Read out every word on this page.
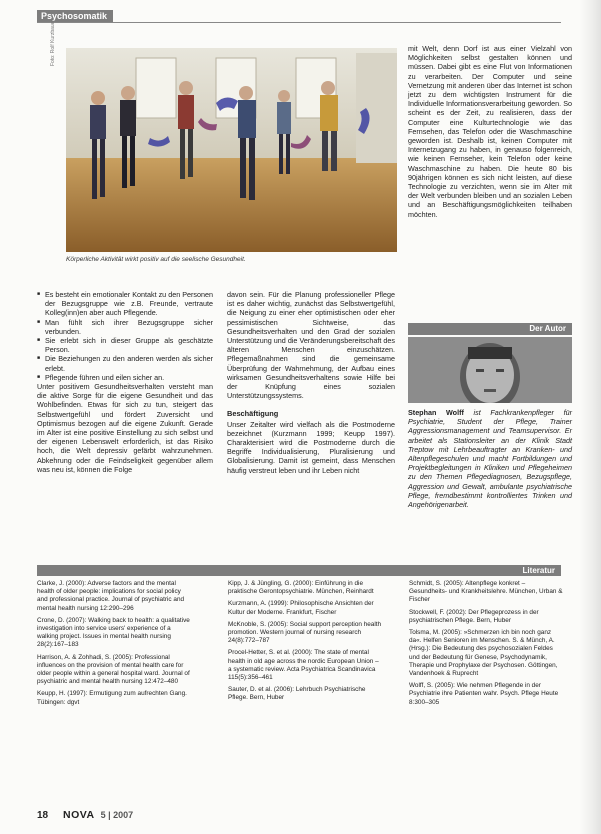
Psychosomatik
Foto: Rolf Kurzbauer
Körperliche Aktivität wirkt positiv auf die seelische Gesundheit.
■ Es besteht ein emotionaler Kontakt zu den Personen der Bezugsgruppe wie z.B. Freunde, vertraute Kolleg(inn)en aber auch Pflegende.
■ Man fühlt sich ihrer Bezugsgruppe sicher verbunden.
■ Sie erlebt sich in dieser Gruppe als geschätzte Person.
■ Die Beziehungen zu den anderen werden als sicher erlebt.
■ Pflegende führen und eilen sicher an.

Unter positivem Gesundheitsverhalten versteht man die aktive Sorge für die eigene Gesundheit und das Wohlbefinden. Etwas für sich zu tun, steigert das Selbstwertgefühl und fördert Zuversicht und Optimismus bezogen auf die eigene Zukunft. Gerade im Alter ist eine positive Einstellung zu sich selbst und der eigenen Lebenswelt erforderlich, ist das Risiko hoch, die Welt depressiv gefärbt wahrzunehmen. Abkehrung oder die Feindseligkeit gegenüber allem was neu ist, können die Folge

davon sein. Für die Planung professioneller Pflege ist es daher wichtig, zunächst das Selbstwertgefühl, die Neigung zu einer eher optimistischen oder eher pessimistischen Sichtweise, das Gesundheitsverhalten und den Grad der sozialen Unterstützung und die Veränderungsbereitschaft des älteren Menschen einzuschätzen. Pflegemaßnahmen sind die gemeinsame Überprüfung der Wahrnehmung, der Aufbau eines wirksamen Gesundheitsverhaltens sowie Hilfe bei der Knüpfung eines sozialen Unterstützungssystems.

Beschäftigung

Unser Zeitalter wird vielfach als die Postmoderne bezeichnet (Kurzmann 1999; Keupp 1997). Charakterisiert wird die Postmoderne durch die Begriffe Individualisierung, Pluralisierung und Globalisierung. Damit ist gemeint, dass Menschen häufig verstreut leben und ihr Leben nicht

mit Welt, denn Dorf ist aus einer Vielzahl von Möglichkeiten selbst gestalten können und müssen. Dabei gibt es eine Flut von Informationen zu verarbeiten. Der Computer und seine Vernetzung mit anderen über das Internet ist schon jetzt zu dem wichtigsten Instrument für die Individuelle Informationsverarbeitung geworden. So scheint es der Zeit, zu realisieren, dass der Computer eine Kulturtechnologie wie das Fernsehen, das Telefon oder die Waschmaschine geworden ist. Deshalb ist, keinen Computer mit Internetzugang zu haben, in genauso folgenreich, wie keinen Fernseher, kein Telefon oder keine Waschmaschine zu haben. Die heute 80 bis 90jährigen können es sich nicht leisten, auf diese Technologie zu verzichten, wenn sie im Alter mit der Welt verbunden bleiben und an sozialen Leben und an Beschäftigungsmöglichkeiten teilhaben möchten.

Der Autor
Stephan Wolff ist Fachkrankenpfleger für Psychiatrie, Student der Pflege, Trainer Aggressionsmanagement und Teamsupervisor. Er arbeitet als Stationsleiter an der Klinik Stadt Treptow mit Lehrbeauftragter an Kranken- und Altenpflegeschulen und macht Fortbildungen und Projektbegleitungen in Kliniken und Pflegeheimen zu den Themen Pflegediagnosen, Bezugspflege, Aggression und Gewalt, ambulante psychiatrische Pflege, fremdbestimmt kontrolliertes Trinken und Angehörigenarbeit.
Literatur

Clarke, J. (2000): Adverse factors and the mental health of older people: implications for social policy and professional practice. Journal of psychiatric and mental health nursing 12:290–296

Crone, D. (2007): Walking back to health: a qualitative investigation into service users' experience of a walking project. Issues in mental health nursing 28(2):167–183

Harrison, A. & Zohhadi, S. (2005): Professional influences on the provision of mental health care for older people within a general hospital ward. Journal of psychiatric and mental health nursing 12:472–480

Keupp, H. (1997): Ermutigung zum aufrechten Gang. Tübingen: dgvt

Kipp, J. & Jüngling, G. (2000): Einführung in die praktische Gerontopsychiatrie. München, Reinhardt

Kurzmann, A. (1999): Philosophische Ansichten der Kultur der Moderne. Frankfurt, Fischer

McKnoble, S. (2005): Social support perception health promotion. Western journal of nursing research 24(8):772–787

Procel-Hetter, S. et al. (2000): The state of mental health in old age across the nordic European Union – a systematic review. Acta Psychiatrica Scandinavica 115(5):356–461

Sauter, D. et al. (2006): Lehrbuch Psychiatrische Pflege. Bern, Huber

Schmidt, S. (2005): Altenpflege konkret – Gesundheits- und Krankheitslehre. München, Urban & Fischer

Stockwell, F. (2002): Der Pflegeprozess in der psychiatrischen Pflege. Bern, Huber

Tolsma, M. (2005): »Schmerzen ich bin noch ganz da«. Helfen Senioren im Menschen. S. & Münch, A. (Hrsg.): Die Bedeutung des psychosozialen Feldes und der Bedeutung für Genese, Psychodynamik, Therapie und Prophylaxe der Psychosen. Göttingen, Vandenhoek & Ruprecht

Wolff, S. (2005): Wie nehmen Pflegende in der Psychiatrie ihre Patienten wahr. Psych. Pflege Heute 8:300–305

18 NOVA 5 | 2007
